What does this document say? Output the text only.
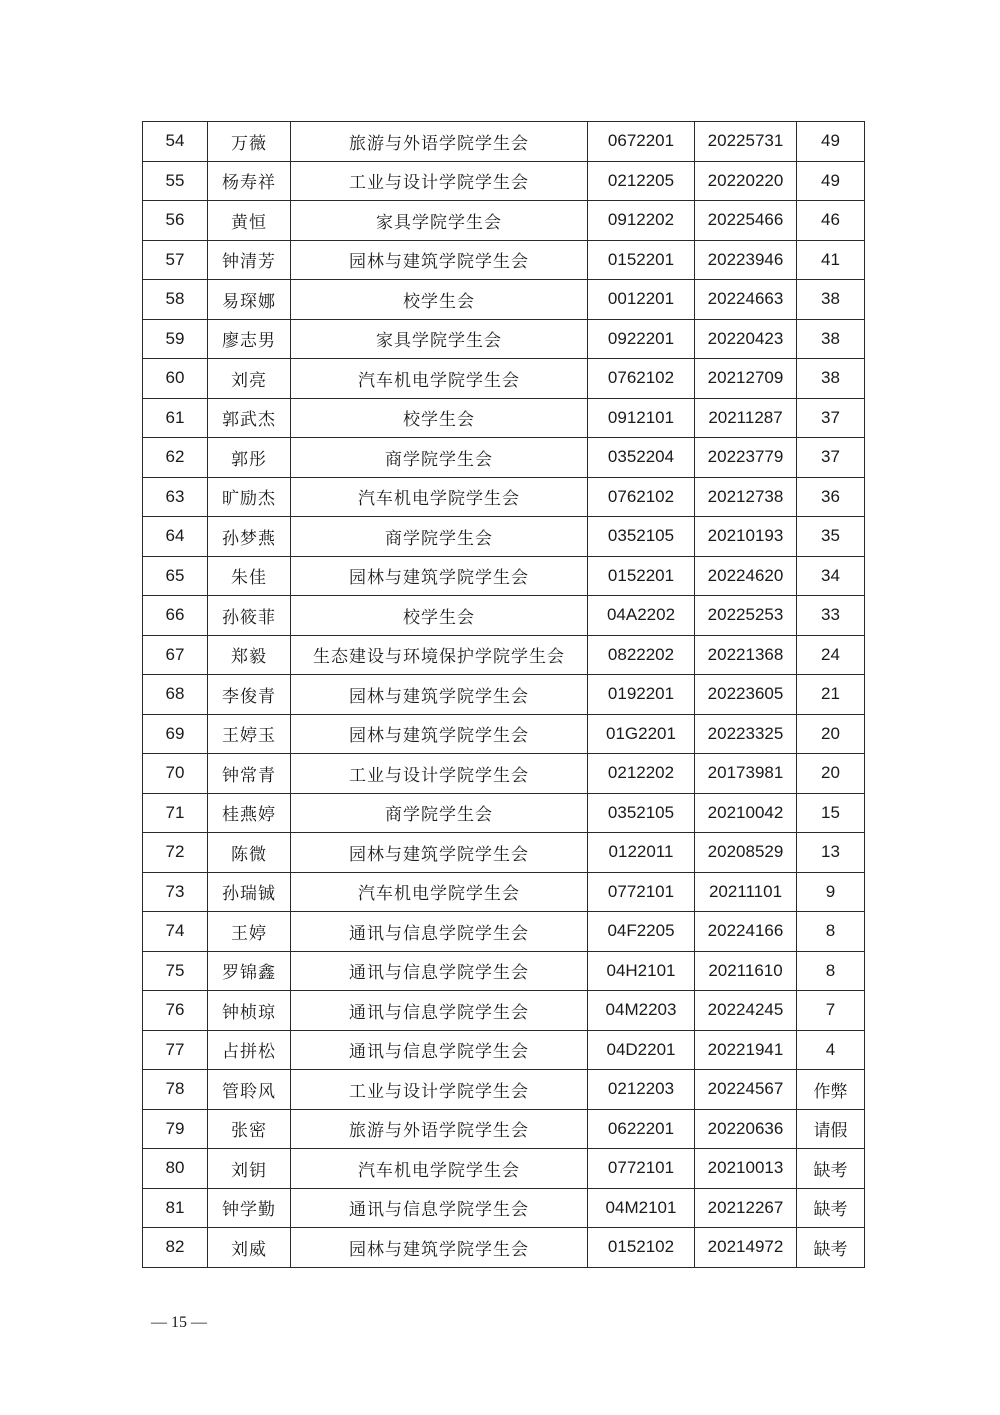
54	万薇	旅游与外语学院学生会	0672201	20225731	49
55	杨寿祥	工业与设计学院学生会	0212205	20220220	49
56	黄恒	家具学院学生会	0912202	20225466	46
57	钟清芳	园林与建筑学院学生会	0152201	20223946	41
58	易琛娜	校学生会	0012201	20224663	38
59	廖志男	家具学院学生会	0922201	20220423	38
60	刘亮	汽车机电学院学生会	0762102	20212709	38
61	郭武杰	校学生会	0912101	20211287	37
62	郭彤	商学院学生会	0352204	20223779	37
63	旷励杰	汽车机电学院学生会	0762102	20212738	36
64	孙梦燕	商学院学生会	0352105	20210193	35
65	朱佳	园林与建筑学院学生会	0152201	20224620	34
66	孙筱菲	校学生会	04A2202	20225253	33
67	郑毅	生态建设与环境保护学院学生会	0822202	20221368	24
68	李俊青	园林与建筑学院学生会	0192201	20223605	21
69	王婷玉	园林与建筑学院学生会	01G2201	20223325	20
70	钟常青	工业与设计学院学生会	0212202	20173981	20
71	桂燕婷	商学院学生会	0352105	20210042	15
72	陈微	园林与建筑学院学生会	0122011	20208529	13
73	孙瑞铖	汽车机电学院学生会	0772101	20211101	9
74	王婷	通讯与信息学院学生会	04F2205	20224166	8
75	罗锦鑫	通讯与信息学院学生会	04H2101	20211610	8
76	钟桢琼	通讯与信息学院学生会	04M2203	20224245	7
77	占拼松	通讯与信息学院学生会	04D2201	20221941	4
78	管聆风	工业与设计学院学生会	0212203	20224567	作弊
79	张密	旅游与外语学院学生会	0622201	20220636	请假
80	刘钥	汽车机电学院学生会	0772101	20210013	缺考
81	钟学勤	通讯与信息学院学生会	04M2101	20212267	缺考
82	刘威	园林与建筑学院学生会	0152102	20214972	缺考
— 15 —
